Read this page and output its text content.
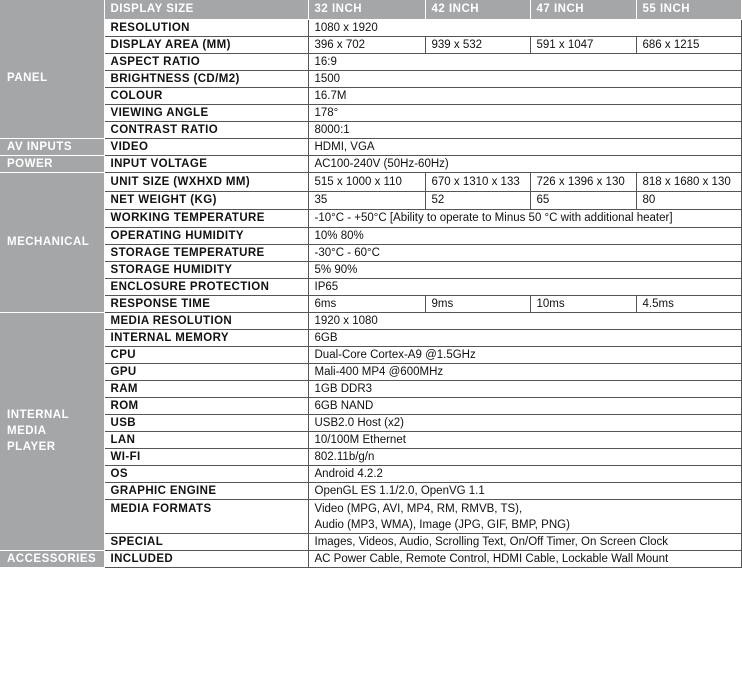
	DISPLAY SIZE	32 INCH	42 INCH	47 INCH	55 INCH
PANEL	RESOLUTION	1080 x 1920			
	DISPLAY AREA (MM)	396 x 702	939 x 532	591 x 1047	686 x 1215
	ASPECT RATIO	16:9			
	BRIGHTNESS (CD/M2)	1500			
	COLOUR	16.7M			
	VIEWING ANGLE	178°			
	CONTRAST RATIO	8000:1			
AV INPUTS	VIDEO	HDMI, VGA			
POWER	INPUT VOLTAGE	AC100-240V (50Hz-60Hz)			
MECHANICAL	UNIT SIZE (WXHXD MM)	515 x 1000 x 110	670 x 1310 x 133	726 x 1396 x 130	818 x 1680 x 130
	NET WEIGHT (KG)	35	52	65	80
	WORKING TEMPERATURE	-10°C - +50°C [Ability to operate to Minus 50 °C with additional heater]			
	OPERATING HUMIDITY	10% 80%			
	STORAGE TEMPERATURE	-30°C - 60°C			
	STORAGE HUMIDITY	5% 90%			
	ENCLOSURE PROTECTION	IP65			
	RESPONSE TIME	6ms	9ms	10ms	4.5ms
INTERNAL MEDIA PLAYER	MEDIA RESOLUTION	1920 x 1080			
	INTERNAL MEMORY	6GB			
	CPU	Dual-Core Cortex-A9 @1.5GHz			
	GPU	Mali-400 MP4 @600MHz			
	RAM	1GB DDR3			
	ROM	6GB NAND			
	USB	USB2.0 Host (x2)			
	LAN	10/100M Ethernet			
	WI-FI	802.11b/g/n			
	OS	Android 4.2.2			
	GRAPHIC ENGINE	OpenGL ES 1.1/2.0, OpenVG 1.1			
	MEDIA FORMATS	Video (MPG, AVI, MP4, RM, RMVB, TS),
Audio (MP3, WMA), Image (JPG, GIF, BMP, PNG)			

	SPECIAL	Images, Videos, Audio, Scrolling Text, On/Off Timer, On Screen Clock			
ACCESSORIES	INCLUDED	AC Power Cable, Remote Control, HDMI Cable, Lockable Wall Mount			
